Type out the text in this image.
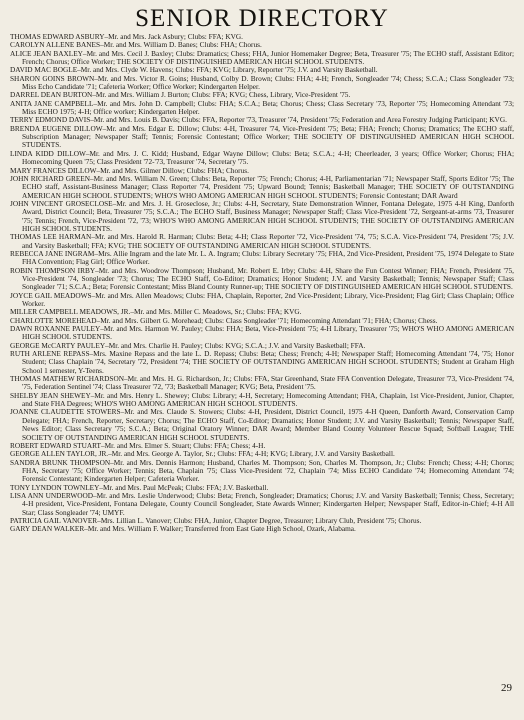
SENIOR DIRECTORY

THOMAS EDWARD ASBURY–Mr. and Mrs. Jack Asbury; Clubs: FFA; KVG.

CAROLYN ALLENE BANES–Mr. and Mrs. William D. Banes; Clubs: FHA; Chorus.

ALICE JEAN BAXLEY–Mr. and Mrs. Cecil J. Baxley; Clubs: Dramatics; Chess; FHA, Junior Homemaker Degree; Beta, Treasurer '75; The ECHO staff, Assistant Editor; French; Chorus; Office Worker; THE SOCIETY OF DISTINGUISHED AMERICAN HIGH SCHOOL STUDENTS.

DAVID MAC BOGLE–Mr. and Mrs. Clyde W. Havens; Clubs: FFA; KVG; Library, Reporter '75; J.V. and Varsity Basketball.

SHARON GOINS BROWN–Mr. and Mrs. Victor R. Goins; Husband, Colby D. Brown; Clubs: FHA; 4-H; French, Songleader '74; Chess; S.C.A.; Class Songleader '73; Miss Echo Candidate '71; Cafeteria Worker; Office Worker; Kindergarten Helper.

DARREL DEAN BURTON–Mr. and Mrs. William J. Burton; Clubs: FFA; KVG; Chess, Library, Vice-President '75.

ANITA JANE CAMPBELL–Mr. and Mrs. John D. Campbell; Clubs: FHA; S.C.A.; Beta; Chorus; Chess; Class Secretary '73, Reporter '75; Homecoming Attendant '73; Miss ECHO 1975; 4-H; Office worker; Kindergarten Helper.

TERRY EDMOND DAVIS–Mr. and Mrs. Louis B. Davis; Clubs: FFA, Reporter '73, Treasurer '74, President '75; Federation and Area Forestry Judging Participant; KVG.

BRENDA EUGENE DILLOW–Mr. and Mrs. Edgar E. Dillow; Clubs: 4-H, Treasurer '74, Vice-President '75; Beta; FHA; French; Chorus; Dramatics; The ECHO staff, Subscription Manager; Newspaper Staff; Tennis; Forensic Contestant; Office Worker; THE SOCIETY OF DISTINGUISHED AMERICAN HIGH SCHOOL STUDENTS.

LINDA KIDD DILLOW–Mr. and Mrs. J. C. Kidd; Husband, Edgar Wayne Dillow; Clubs: Beta; S.C.A.; 4-H; Cheerleader, 3 years; Office Worker; Chorus; FHA; Homecoming Queen '75; Class President '72-'73, Treasurer '74, Secretary '75.

MARY FRANCES DILLOW–Mr. and Mrs. Gilmer Dillow; Clubs: FHA; Chorus.

JOHN RICHARD GREEN–Mr. and Mrs. William N. Green; Clubs: Beta, Reporter '75; French; Chorus; 4-H, Parliamentarian '71; Newspaper Staff, Sports Editor '75; The ECHO staff, Assistant-Business Manager; Class Reporter '74, President '75; Upward Bound; Tennis; Basketball Manager; THE SOCIETY OF OUTSTANDING AMERICAN HIGH SCHOOL STUDENTS; WHO'S WHO AMONG AMERICAN HIGH SCHOOL STUDENTS; Forensic Contestant; DAR Award

JOHN VINCENT GROSECLOSE–Mr. and Mrs. J. H. Groseclose, Jr.; Clubs: 4-H, Secretary, State Demonstration Winner, Fontana Delegate, 1975 4-H King, Danforth Award, District Council; Beta, Treasurer '75; S.C.A.; The ECHO Staff, Business Manager; Newspaper Staff; Class Vice-President '72, Sergeant-at-arms '73, Treasurer '75; Tennis; French, Vice-President '72, '73; WHO'S WHO AMONG AMERICAN HIGH SCHOOL STUDENTS; THE SOCIETY OF OUTSTANDING AMERICAN HIGH SCHOOL STUDENTS.

THOMAS LEE HARMAN–Mr. and Mrs. Harold R. Harman; Clubs: Beta; 4-H; Class Reporter '72, Vice-President '74, '75; S.C.A. Vice-President '74, President '75; J.V. and Varsity Basketball; FFA; KVG; THE SOCIETY OF OUTSTANDING AMERICAN HIGH SCHOOL STUDENTS.

REBECCA JANE INGRAM–Mrs. Allie Ingram and the late Mr. L. A. Ingram; Clubs: Library Secretary '75; FHA, 2nd Vice-President, President '75, 1974 Delegate to State FHA Convention; Flag Girl; Office Worker.

ROBIN THOMPSON IRBY–Mr. and Mrs. Woodrow Thompson; Husband, Mr. Robert E. Irby; Clubs: 4-H, Share the Fun Contest Winner; FHA; French, President '75, Vice-President '74, Songleader '73; Chorus; The ECHO Staff, Co-Editor; Dramatics; Honor Student; J.V. and Varsity Basketball; Tennis; Newspaper Staff; Class Songleader '71; S.C.A.; Beta; Forensic Contestant; Miss Bland County Runner-up; THE SOCIETY OF DISTINGUISHED AMERICAN HIGH SCHOOL STUDENTS.

JOYCE GAIL MEADOWS–Mr. and Mrs. Allen Meadows; Clubs: FHA, Chaplain, Reporter, 2nd Vice-President; Library, Vice-President; Flag Girl; Class Chaplain; Office Worker.

MILLER CAMPBELL MEADOWS, JR.–Mr. and Mrs. Miller C. Meadows, Sr.; Clubs: FFA; KVG.

CHARLOTTE MOREHEAD–Mr. and Mrs. Gilbert G. Morehead; Clubs: Class Songleader '71; Homecoming Attendant '71; FHA; Chorus; Chess.

DAWN ROXANNE PAULEY–Mr. and Mrs. Harmon W. Pauley; Clubs: FHA; Beta, Vice-President '75; 4-H Library, Treasurer '75; WHO'S WHO AMONG AMERICAN HIGH SCHOOL STUDENTS.

GEORGE McCARTY PAULEY–Mr. and Mrs. Charlie H. Pauley; Clubs: KVG; S.C.A.; J.V. and Varsity Basketball; FFA.

RUTH ARLENE REPASS–Mrs. Maxine Repass and the late L. D. Repass; Clubs: Beta; Chess; French; 4-H; Newspaper Staff; Homecoming Attendant '74, '75; Honor Student; Class Chaplain '74, Secretary '72, President '74; THE SOCIETY OF OUTSTANDING AMERICAN HIGH SCHOOL STUDENTS; Student at Graham High School 1 semester, Y-Teens.

THOMAS MATHEW RICHARDSON–Mr. and Mrs. H. G. Richardson, Jr.; Clubs: FFA, Star Greenhand, State FFA Convention Delegate, Treasurer '73, Vice-President '74, '75, Federation Sentinel '74; Class Treasurer '72, '73; Basketball Manager; KVG; Beta, President '75.

SHELBY JEAN SHEWEY–Mr. and Mrs. Henry L. Shewey; Clubs: Library; 4-H, Secretary; Homecoming Attendant; FHA, Chaplain, 1st Vice-President, Junior, Chapter, and State FHA Degrees; WHO'S WHO AMONG AMERICAN HIGH SCHOOL STUDENTS.

JOANNE CLAUDETTE STOWERS–Mr. and Mrs. Claude S. Stowers; Clubs: 4-H, President, District Council, 1975 4-H Queen, Danforth Award, Conservation Camp Delegate; FHA; French, Reporter, Secretary; Chorus; The ECHO Staff, Co-Editor; Dramatics; Honor Student; J.V. and Varsity Basketball; Tennis; Newspaper Staff, News Editor; Class Secretary '75; S.C.A.; Beta; Original Oratory Winner; DAR Award; Member Bland County Volunteer Rescue Squad; Softball League; THE SOCIETY OF OUTSTANDING AMERICAN HIGH SCHOOL STUDENTS.

ROBERT EDWARD STUART–Mr. and Mrs. Elmer S. Stuart; Clubs: FFA; Chess; 4-H.

GEORGE ALLEN TAYLOR, JR.–Mr. and Mrs. George A. Taylor, Sr.; Clubs: FFA; 4-H; KVG; Library, J.V. and Varsity Basketball.

SANDRA BRUNK THOMPSON–Mr. and Mrs. Dennis Harmon; Husband, Charles M. Thompson; Son, Charles M. Thompson, Jr.; Clubs: French; Chess; 4-H; Chorus; FHA, Secretary '75; Office Worker; Tennis; Beta, Chaplain '75; Class Vice-President '72, Chaplain '74; Miss ECHO Candidate '74; Homecoming Attendant '74; Forensic Contestant; Kindergarten Helper; Cafeteria Worker.

TONY LYNDON TOWNLEY–Mr. and Mrs. Paul McPeak; Clubs: FFA; J.V. Basketball.

LISA ANN UNDERWOOD–Mr. and Mrs. Leslie Underwood; Clubs: Beta; French, Songleader; Dramatics; Chorus; J.V. and Varsity Basketball; Tennis; Chess, Secretary; 4-H president, Vice-President, Fontana Delegate, County Council Songleader, State Awards Winner; Kindergarten Helper; Newspaper Staff, Editor-in-Chief; 4-H All Star; Class Songleader '74; UMYF.

PATRICIA GAIL VANOVER–Mrs. Lillian L. Vanover; Clubs: FHA, Junior, Chapter Degree, Treasurer; Library Club, President '75; Chorus.

GARY DEAN WALKER–Mr. and Mrs. William F. Walker; Transferred from East Gate High School, Ozark, Alabama.

29
